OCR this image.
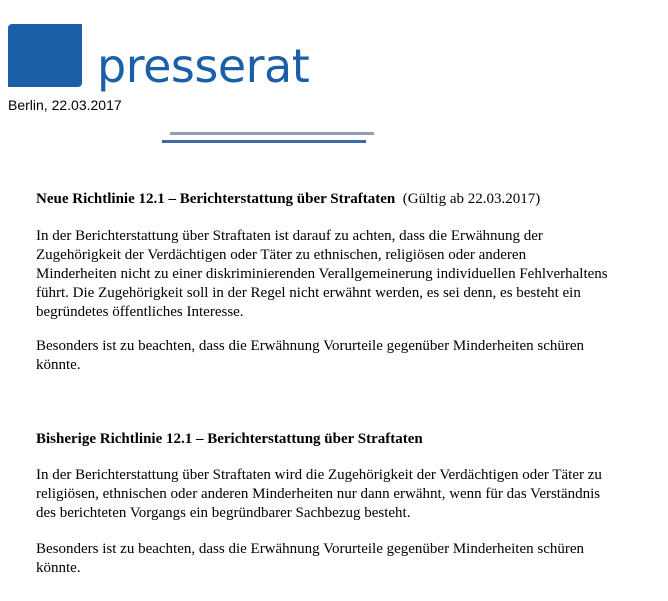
presserat
Berlin, 22.03.2017
Neue Richtlinie 12.1 – Berichterstattung über Straftaten (Gültig ab 22.03.2017)
In der Berichterstattung über Straftaten ist darauf zu achten, dass die Erwähnung der
Zugehörigkeit der Verdächtigen oder Täter zu ethnischen, religiösen oder anderen
Minderheiten nicht zu einer diskriminierenden Verallgemeinerung individuellen Fehlverhaltens
führt. Die Zugehörigkeit soll in der Regel nicht erwähnt werden, es sei denn, es besteht ein
begründetes öffentliches Interesse.
Besonders ist zu beachten, dass die Erwähnung Vorurteile gegenüber Minderheiten schüren
könnte.
Bisherige Richtlinie 12.1 – Berichterstattung über Straftaten
In der Berichterstattung über Straftaten wird die Zugehörigkeit der Verdächtigen oder Täter zu
religiösen, ethnischen oder anderen Minderheiten nur dann erwähnt, wenn für das Verständnis
des berichteten Vorgangs ein begründbarer Sachbezug besteht.
Besonders ist zu beachten, dass die Erwähnung Vorurteile gegenüber Minderheiten schüren
könnte.
